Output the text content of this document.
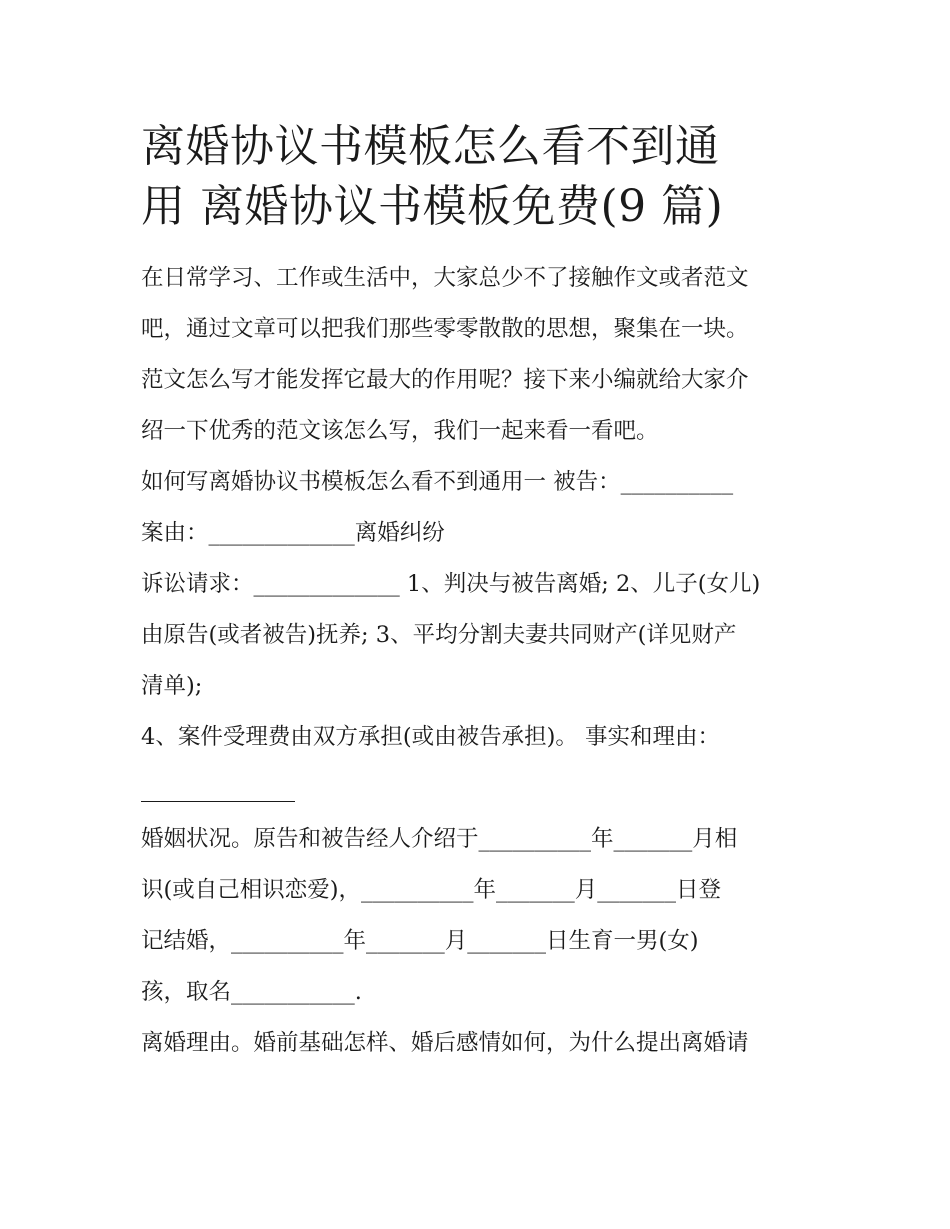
离婚协议书模板怎么看不到通
用 离婚协议书模板免费(9 篇)

在日常学习、工作或生活中，大家总少不了接触作文或者范文
吧，通过文章可以把我们那些零零散散的思想，聚集在一块。
范文怎么写才能发挥它最大的作用呢？接下来小编就给大家介
绍一下优秀的范文该怎么写，我们一起来看一看吧。

如何写离婚协议书模板怎么看不到通用一 被告：__________

案由：_____________离婚纠纷

诉讼请求：_____________ 1、判决与被告离婚; 2、儿子(女儿)
由原告(或者被告)抚养; 3、平均分割夫妻共同财产(详见财产
清单);

4、案件受理费由双方承担(或由被告承担)。 事实和理由：

婚姻状况。原告和被告经人介绍于__________年_______月相
识(或自己相识恋爱)，__________年_______月_______日登
记结婚，__________年_______月_______日生育一男(女)
孩，取名___________.

离婚理由。婚前基础怎样、婚后感情如何，为什么提出离婚请
